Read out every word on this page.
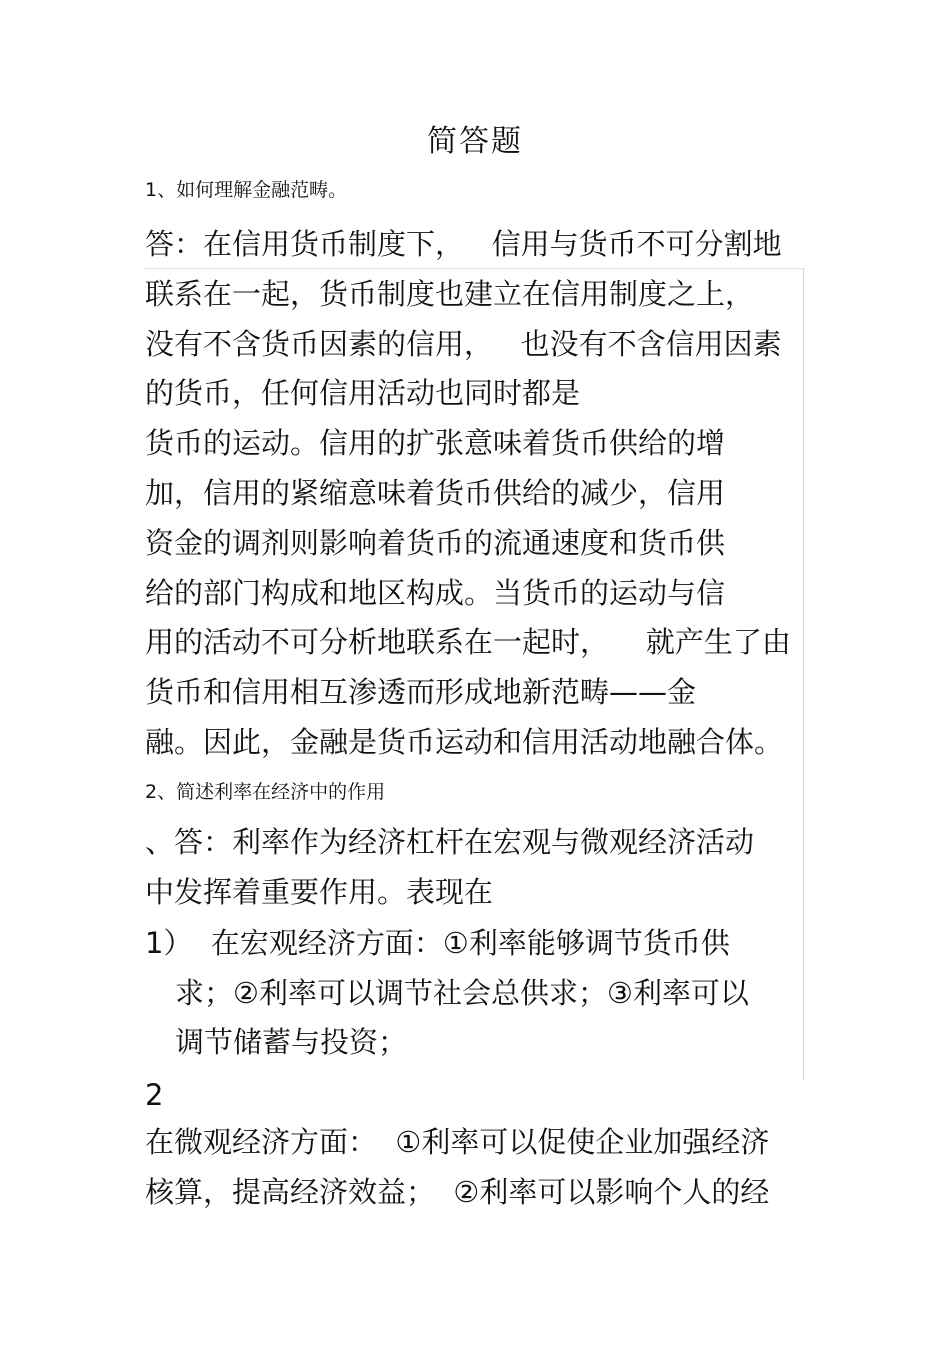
简答题
1、如何理解金融范畴。
答：在信用货币制度下，   信用与货币不可分割地
联系在一起，货币制度也建立在信用制度之上，
没有不含货币因素的信用，   也没有不含信用因素
的货币，任何信用活动也同时都是
货币的运动。信用的扩张意味着货币供给的增
加，信用的紧缩意味着货币供给的减少，信用
资金的调剂则影响着货币的流通速度和货币供
给的部门构成和地区构成。当货币的运动与信
用的活动不可分析地联系在一起时，    就产生了由
货币和信用相互渗透而形成地新范畴——金
融。因此，金融是货币运动和信用活动地融合体。
2、简述利率在经济中的作用
、答：利率作为经济杠杆在宏观与微观经济活动
中发挥着重要作用。表现在
1）  在宏观经济方面：①利率能够调节货币供
求；②利率可以调节社会总供求；③利率可以
调节储蓄与投资；
2
在微观经济方面：  ①利率可以促使企业加强经济
核算，提高经济效益；  ②利率可以影响个人的经
